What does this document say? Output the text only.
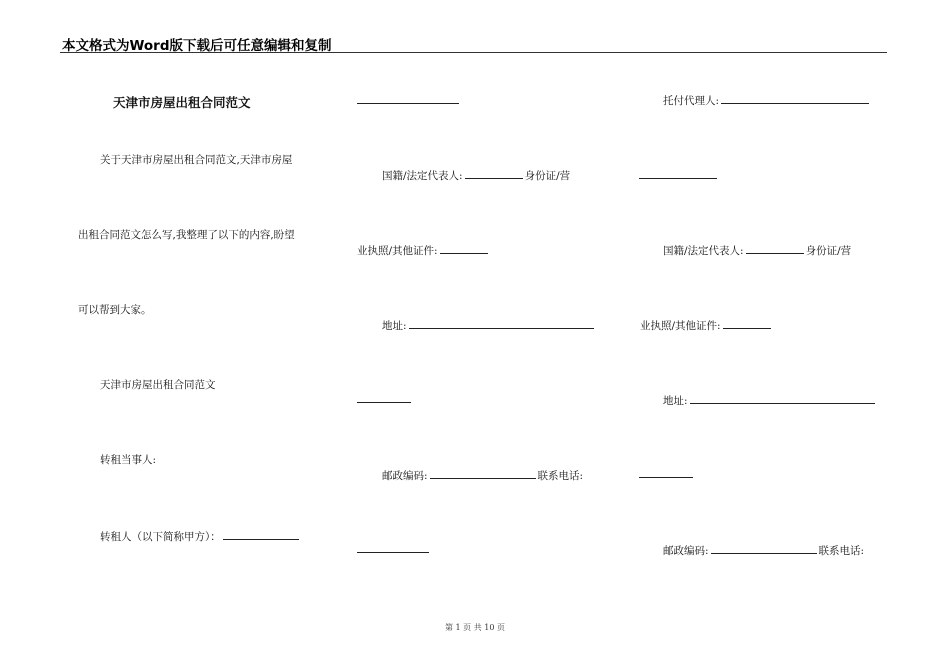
本文格式为Word版下载后可任意编辑和复制
天津市房屋出租合同范文
关于天津市房屋出租合同范文,天津市房屋
出租合同范文怎么写,我整理了以下的内容,盼望
可以帮到大家。
天津市房屋出租合同范文
转租当事人:
转租人（以下简称甲方）：
国籍/法定代表人:	身份证/营
业执照/其他证件:
地址:
邮政编码:	联系电话:
托付代理人:
国籍/法定代表人:	身份证/营
业执照/其他证件:
地址:
邮政编码:	联系电话:
第 1 页 共 10 页
